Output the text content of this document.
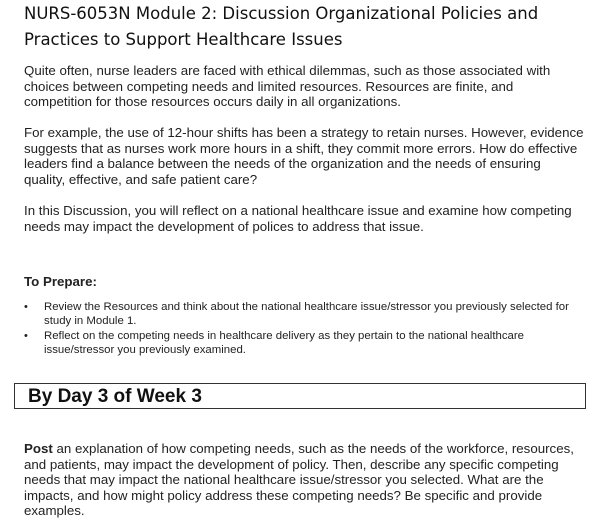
NURS-6053N Module 2: Discussion Organizational Policies and Practices to Support Healthcare Issues

Quite often, nurse leaders are faced with ethical dilemmas, such as those associated with choices between competing needs and limited resources. Resources are finite, and competition for those resources occurs daily in all organizations.

For example, the use of 12-hour shifts has been a strategy to retain nurses. However, evidence suggests that as nurses work more hours in a shift, they commit more errors. How do effective leaders find a balance between the needs of the organization and the needs of ensuring quality, effective, and safe patient care?

In this Discussion, you will reflect on a national healthcare issue and examine how competing needs may impact the development of polices to address that issue.

To Prepare:

• Review the Resources and think about the national healthcare issue/stressor you previously selected for study in Module 1.
• Reflect on the competing needs in healthcare delivery as they pertain to the national healthcare issue/stressor you previously examined.

By Day 3 of Week 3

Post an explanation of how competing needs, such as the needs of the workforce, resources, and patients, may impact the development of policy. Then, describe any specific competing needs that may impact the national healthcare issue/stressor you selected. What are the impacts, and how might policy address these competing needs? Be specific and provide examples.
